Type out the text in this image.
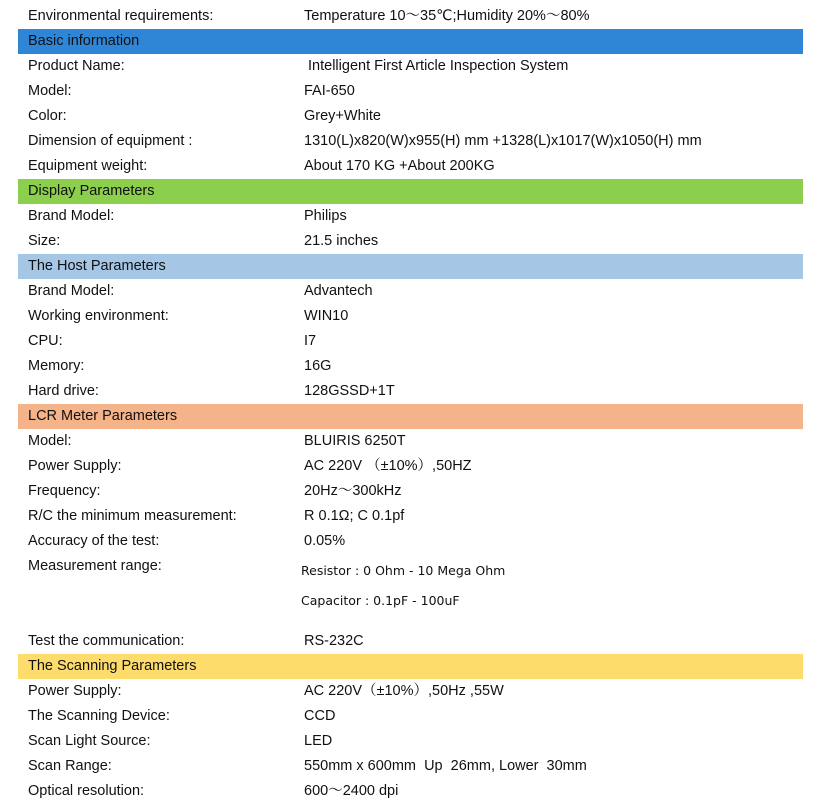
Environmental requirements:	Temperature 10～35℃;Humidity 20%～80%
Basic information
Product Name:	Intelligent First Article Inspection System
Model:	FAI-650
Color:	Grey+White
Dimension of equipment :	1310(L)x820(W)x955(H) mm +1328(L)x1017(W)x1050(H) mm
Equipment weight:	About 170 KG +About 200KG
Display Parameters
Brand Model:	Philips
Size:	21.5 inches
The Host Parameters
Brand Model:	Advantech
Working environment:	WIN10
CPU:	I7
Memory:	16G
Hard drive:	128GSSD+1T
LCR Meter Parameters
Model:	BLUIRIS 6250T
Power Supply:	AC 220V （±10%）,50HZ
Frequency:	20Hz～300kHz
R/C the minimum measurement:	R 0.1Ω; C 0.1pf
Accuracy of the test:	0.05%
Measurement range:	Resistor : 0 Ohm - 10 Mega Ohm
Capacitor : 0.1pF - 100uF
Test the communication:	RS-232C
The Scanning Parameters
Power Supply:	AC 220V（±10%）,50Hz ,55W
The Scanning Device:	CCD
Scan Light Source:	LED
Scan Range:	550mm x 600mm  Up  26mm, Lower  30mm
Optical resolution:	600～2400 dpi
